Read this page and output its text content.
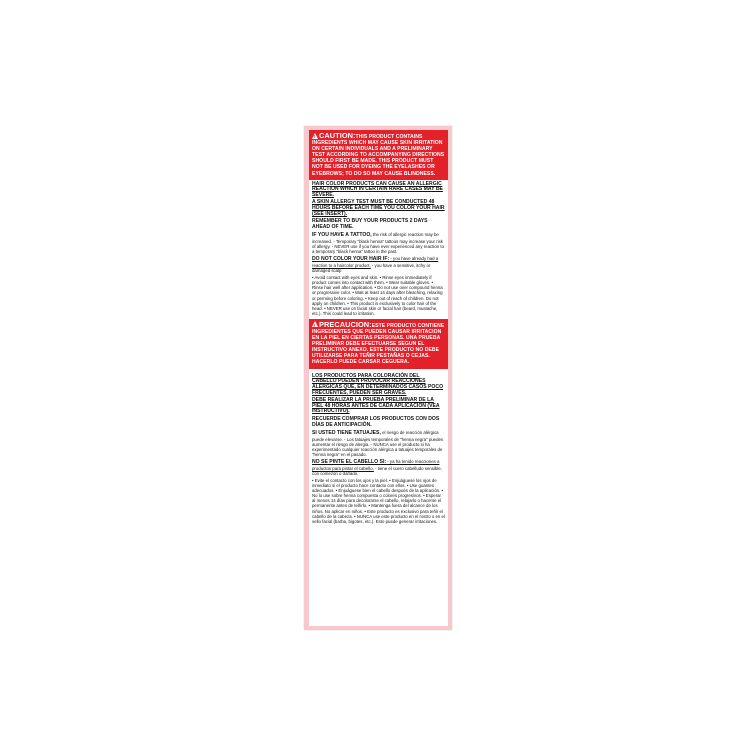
!CAUTION:THIS PRODUCT CONTAINS INGREDIENTS WHICH MAY CAUSE SKIN IRRITATION ON CERTAIN INDIVIDUALS AND A PRELIMINARY TEST ACCORDING TO ACCOMPANYING DIRECTIONS SHOULD FIRST BE MADE. THIS PRODUCT MUST NOT BE USED FOR DYEING THE EYELASHES OR EYEBROWS; TO DO SO MAY CAUSE BLINDNESS.

HAIR COLOR PRODUCTS CAN CAUSE AN ALLERGIC REACTION WHICH IN CERTAIN RARE CASES MAY BE SEVERE.

A SKIN ALLERGY TEST MUST BE CONDUCTED 48 HOURS BEFORE EACH TIME YOU COLOR YOUR HAIR (SEE INSERT).

REMEMBER TO BUY YOUR PRODUCTS 2 DAYS AHEAD OF TIME.

IF YOU HAVE A TATTOO, the risk of allergic reaction may be increased. - Temporary "black henna" tattoos may increase your risk of allergy. - NEVER use if you have ever experienced any reaction to a temporary "black henna" tattoo in the past.

DO NOT COLOR YOUR HAIR IF: - you have already had a reaction to a haircolor product, - you have a sensitive, itchy or damaged scalp

• Avoid contact with eyes and skin. • Rinse eyes immediately if product comes into contact with them. • Wear suitable gloves. • Rinse hair well after application. • Do not use over compound henna or progressive color. • Wait at least 14 days after bleaching, relaxing or perming before coloring. • Keep out of reach of children. Do not apply on children. • This product is exclusively to color hair of the head. • NEVER use on facial skin or facial hair (beard, mustache, etc.). This could lead to irritation.

!PRECAUCION:ESTE PRODUCTO CONTIENE INGREDIENTES QUE PUEDEN CAUSAR IRRITACION EN LA PIEL EN CIERTAS PERSONAS. UNA PRUEBA PRELIMINAR DEBE EFECTUARSE SEGUN EL INSTRUCTIVO ANEXO. ESTE PRODUCTO NO DEBE UTILIZARSE PARA TEÑIR PESTAÑAS O CEJAS. HACERLO PUEDE CARSAR CEGUERA.

LOS PRODUCTOS PARA COLORACIÓN DEL CABELLO PUEDEN PROVOCAR REACCIONES ALÉRGICAS QUE, EN DETERMINADOS CASOS POCO FRECUENTES, PUEDEN SER GRAVES.

DEBE REALIZAR LA PRUEBA PRELIMINAR DE LA PIEL 48 HORAS ANTES DE CADA APLICACIÓN (VEA INSTRUCTIVO).

RECUERDE COMPRAR LOS PRODUCTOS CON DOS DÍAS DE ANTICIPACIÓN.

SI USTED TIENE TATUAJES, el riesgo de reacción alérgica puede elevarse. - Los tatuajes temporales de "henna negra" pueden aumentar el riesgo de alergia. - NUNCA use el producto si ha experimentado cualquier reacción alérgica a tatuajes temporales de "henna negra" en el pasado.

NO SE PINTE EL CABELLO SI: - ya ha tenido reacciones a productos para pintar el cabello, - tiene el cuero cabelludo sensible, con comezón o dañado.

• Evite el contacto con los ojos y la piel. • Enjuáguese los ojos de inmediato si el producto hace contacto con ellos. • Use guantes adecuados. • Enjuáguese bien el cabello después de la aplicación. • No lo use sobre henna compuesta o colores progresivos. • Esperar al menos 14 días para decolorarse el cabello, relajarlo o hacerse el permanente antes de teñirlo. • Mantenga fuera del alcance de los niños. No aplicar en niños. • Este producto es exclusivo para teñir el cabello de la cabeza. • NUNCA use este producto en el rostro o en el vello facial (barba, bigotes, etc.). Esto puede generar irritaciones.
